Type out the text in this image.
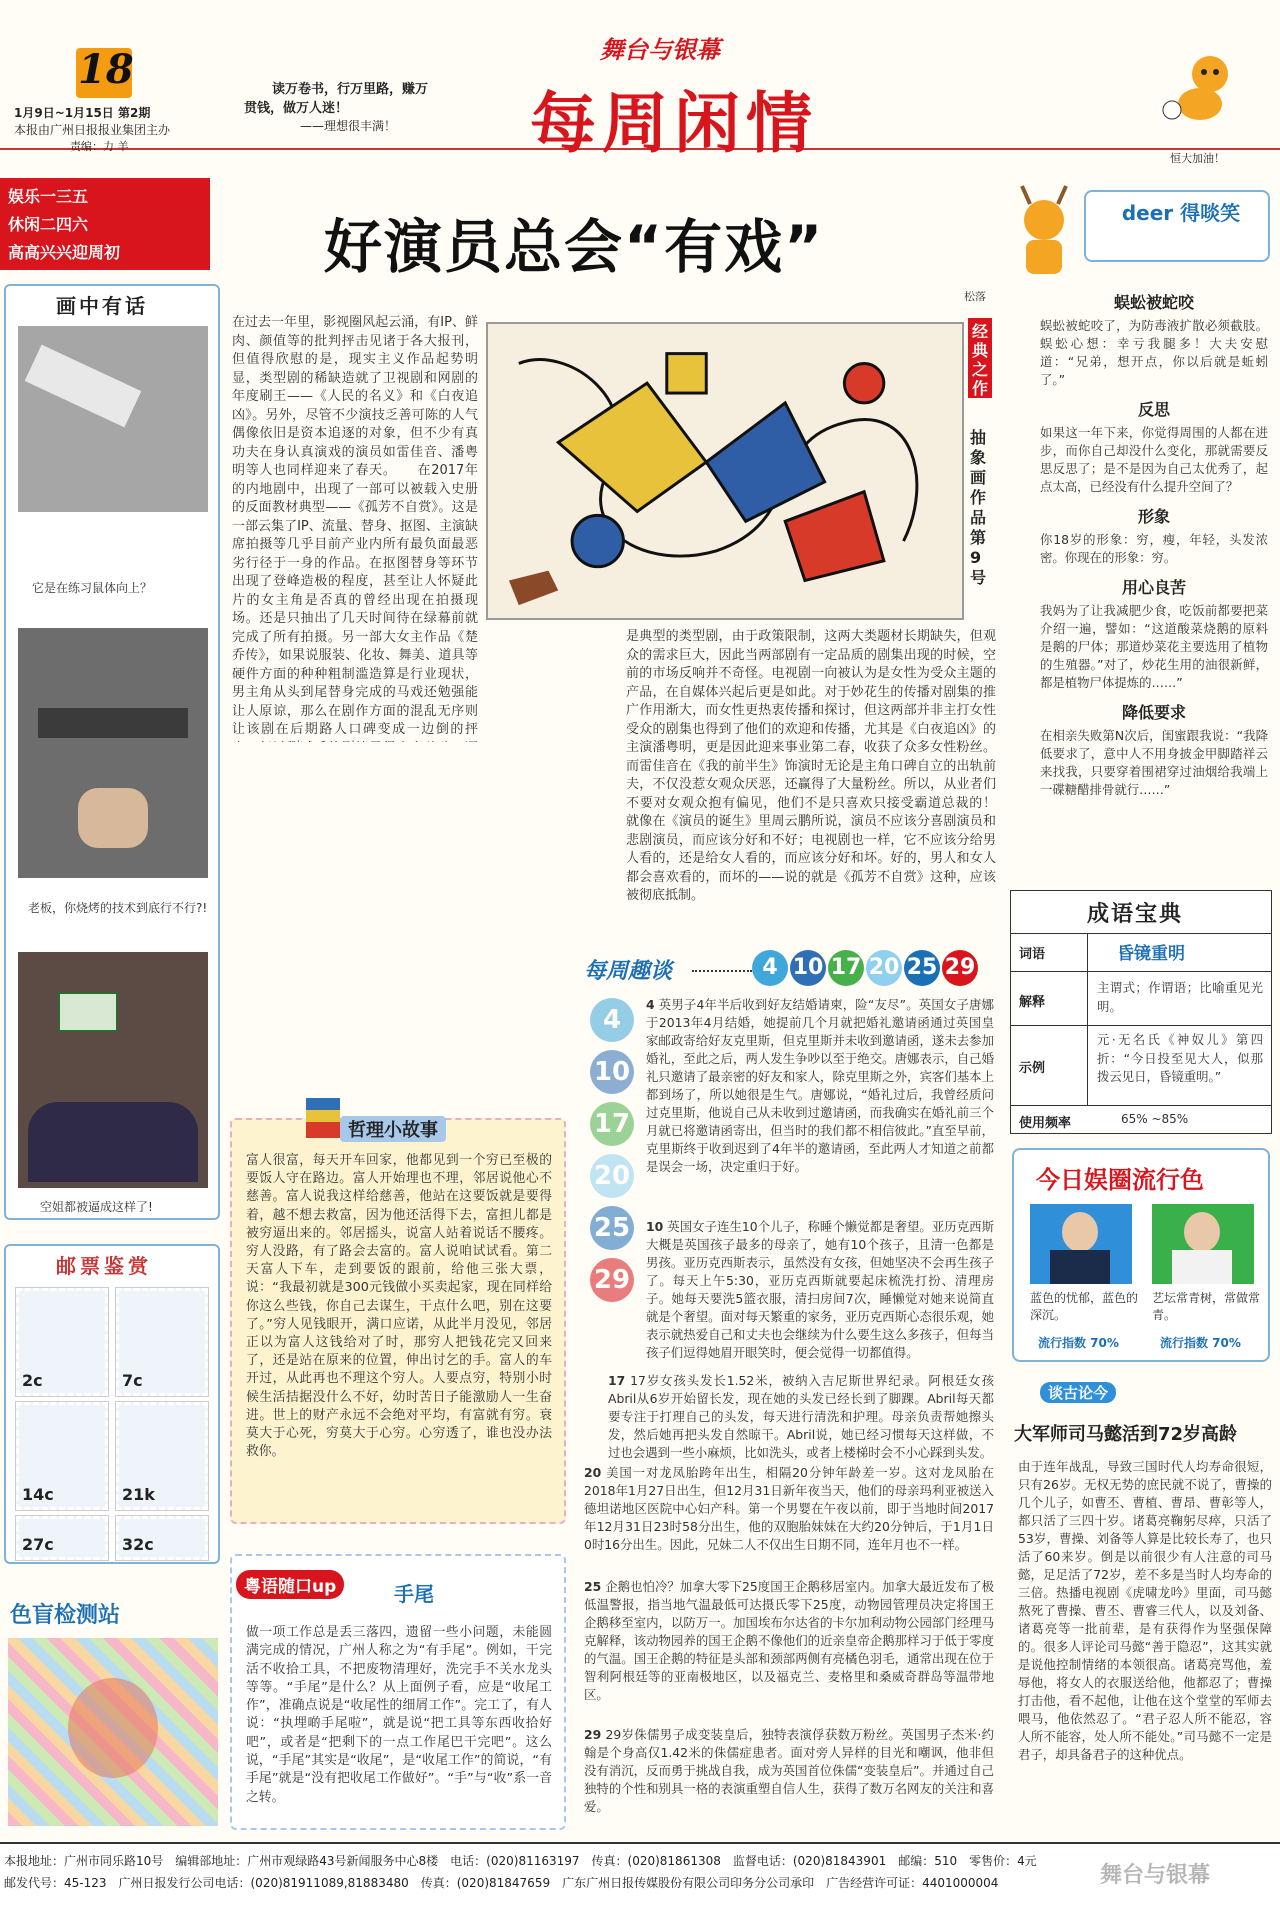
18
1月9日~1月15日 第2期
本报由广州日报报业集团主办
责编：力 羊
读万卷书，行万里路，赚万
贯钱，做万人迷！
——理想很丰满！
舞台与银幕
每周闲情	恒大加油！
娱乐一三五
休闲二四六
高高兴兴迎周初
画中有话
它是在练习鼠体向上？
老板，你烧烤的技术到底行不行?!
空姐都被逼成这样了!
邮票鉴赏
2c	7c
14c	21k
27c	32c
色盲检测站
好演员总会“有戏”
松落
经典之作
抽象画 作品第9号
在过去一年里，影视圈风起云涌，有IP、鲜肉、颜值等的批判抨击见诸于各大报刊，但值得欣慰的是，现实主义作品起势明显，类型剧的稀缺造就了卫视剧和网剧的年度刷王——《人民的名义》和《白夜追凶》。另外，尽管不少演技乏善可陈的人气偶像依旧是资本追逐的对象，但不少有真功夫在身认真演戏的演员如雷佳音、潘粤明等人也同样迎来了春天。　　在2017年的内地剧中，出现了一部可以被载入史册的反面教材典型——《孤芳不自赏》。这是一部云集了IP、流量、替身、抠图、主演缺席拍摄等几乎目前产业内所有最负面最恶劣行径于一身的作品。在抠图替身等环节出现了登峰造极的程度，甚至让人怀疑此片的女主角是否真的曾经出现在拍摄现场。还是只抽出了几天时间待在绿幕前就完成了所有拍摄。另一部大女主作品《楚乔传》，如果说服装、化妆、舞美、道具等硬件方面的种种粗制滥造算是行业现状，男主角从头到尾替身完成的马戏还勉强能让人原谅，那么在剧作方面的混乱无序则让该剧在后期路人口碑变成一边倒的抨　　
是典型的类型剧，由于政策限制，这两大类题材长期缺失，但观众的需求巨大，因此当两部剧有一定品质的剧集出现的时候，空前的市场反响并不奇怪。电视剧一向被认为是女性为受众主题的产品，在自媒体兴起后更是如此。对于妙花生的传播对剧集的推广作用渐大，而女性更热衷传播和探讨，但这两部并非主打女性受众的剧集也得到了他们的欢迎和传播，尤其是《白夜追凶》的主演潘粤明，更是因此迎来事业第二春，收获了众多女性粉丝。而雷佳音在《我的前半生》饰演时无论是主角口碑自立的出轨前夫，不仅没惹女观众厌恶，还赢得了大量粉丝。所以，从业者们不要对女观众抱有偏见，他们不是只喜欢只接受霸道总裁的！　　就像在《演员的诞生》里周云鹏所说，演员不应该分喜剧演员和悲剧演员，而应该分好和不好；电视剧也一样，它不应该分给男人看的，还是给女人看的，而应该分好和坏。好的，男人和女人都会喜欢看的，而坏的——说的就是《孤芳不自赏》这种，应该被彻底抵制。
哲理小故事
富人很富，每天开车回家，他都见到一个穷已至极的要饭人守在路边。富人开始理也不理，邻居说他心不慈善。富人说我这样给慈善，他站在这要饭就是要得着，越不想去救富，因为他还活得下去，富担儿都是被穷逼出来的。邻居摇头，说富人站着说话不腰疼。穷人没路，有了路会去富的。富人说咱试试看。第二天富人下车，走到要饭的跟前，给他三张大票，说：“我最初就是300元钱做小买卖起家，现在同样给你这么些钱，你自己去谋生，干点什么吧，别在这要了。”穷人见钱眼开，满口应诺，从此半月没见，邻居正以为富人这钱给对了时，那穷人把钱花完又回来了，还是站在原来的位置，伸出讨乞的手。富人的车开过，从此再也不理这个穷人。人要点穷，特别小时候生活拮据没什么不好，幼时苦日子能激励人一生奋进。世上的财产永远不会绝对平均，有富就有穷。衰莫大于心死，穷莫大于心穷。心穷透了，谁也没办法救你。
粤语随口up	手尾
做一项工作总是丢三落四，遗留一些小问题，未能圆满完成的情况，广州人称之为“有手尾”。例如，干完活不收拾工具，不把废物清理好，洗完手不关水龙头等等。“手尾”是什么？从上面例子看，应是“收尾工作”，准确点说是“收尾性的细屑工作”。完工了，有人说：“执埋啲手尾啦”，就是说“把工具等东西收拾好吧”，或者是“把剩下的一点工作尾巴干完吧”。这么说，“手尾”其实是“收尾”，是“收尾工作”的简说，“有手尾”就是“没有把收尾工作做好”。“手”与“收”系一音之转。
每周趣谈	4 10 17 20 25 29
4
10
17
20
25
29

4 英男子4年半后收到好友结婚请柬，险“友尽”。英国女子唐娜于2013年4月结婚，她提前几个月就把婚礼邀请函通过英国皇家邮政寄给好友克里斯，但克里斯并未收到邀请函，遂未去参加婚礼，至此之后，两人发生争吵以至于绝交。唐娜表示，自己婚礼只邀请了最亲密的好友和家人，除克里斯之外，宾客们基本上都到场了，所以她很是生气。唐娜说，“婚礼过后，我曾经质问过克里斯，他说自己从未收到过邀请函，而我确实在婚礼前三个月就已将邀请函寄出，但当时的我们都不相信彼此。”直至早前，克里斯终于收到迟到了4年半的邀请函，至此两人才知道之前都是误会一场，决定重归于好。

10 英国女子连生10个儿子，称睡个懒觉都是奢望。亚历克西斯大概是英国孩子最多的母亲了，她有10个孩子，且清一色都是男孩。亚历克西斯表示，虽然没有女孩，但她坚决不会再生孩子了。每天上午5:30，亚历克西斯就要起床梳洗打扮、清理房子。她每天要洗5篮衣服，清扫房间7次，睡懒觉对她来说简直就是个奢望。面对每天繁重的家务，亚历克西斯心态很乐观，她表示就热爱自己和丈夫也会继续为什么要生这么多孩子，但每当孩子们逗得她眉开眼笑时，便会觉得一切都值得。

17 17岁女孩头发长1.52米，被纳入吉尼斯世界纪录。阿根廷女孩Abril从6岁开始留长发，现在她的头发已经长到了脚踝。Abril每天都要专注于打理自己的头发，每天进行清洗和护理。母亲负责帮她擦头发，然后她再把头发自然晾干。Abril说，她已经习惯每天这样做，不过也会遇到一些小麻烦，比如洗头，或者上楼梯时会不小心踩到头发。

20 美国一对龙凤胎跨年出生，相隔20分钟年龄差一岁。这对龙凤胎在2018年1月27日出生，但12月31日新年夜当天，他们的母亲玛利亚被送入德坦诺地区医院中心妇产科。第一个男婴在午夜以前，即于当地时间2017年12月31日23时58分出生，他的双胞胎妹妹在大约20分钟后，于1月1日0时16分出生。因此，兄妹二人不仅出生日期不同，连年月也不一样。

25 企鹅也怕冷？加拿大零下25度国王企鹅移居室内。加拿大最近发布了极低温警报，指当地气温最低可达摄氏零下25度，动物园管理员决定将国王企鹅移至室内，以防万一。加国埃布尔达省的卡尔加利动物公园部门经理马克解释，该动物园养的国王企鹅不像他们的近亲皇帝企鹅那样习于低于零度的气温。国王企鹅的特征是头部和颈部两侧有亮橘色羽毛，通常出现在位于智利阿根廷等的亚南极地区，以及福克兰、麦格里和桑威奇群岛等温带地区。

29 29岁侏儒男子成变装皇后，独特表演俘获数万粉丝。英国男子杰米·约翰是个身高仅1.42米的侏儒症患者。面对旁人异样的目光和嘲讽，他非但没有消沉，反而勇于挑战自我，成为英国首位侏儒“变装皇后”。并通过自己独特的个性和别具一格的表演重塑自信人生，获得了数万名网友的关注和喜爱。

deer 得啖笑
蜈蚣被蛇咬
蜈蚣被蛇咬了，为防毒液扩散必须截肢。蜈蚣心想：幸亏我腿多！大夫安慰道：“兄弟，想开点，你以后就是蚯蚓了。”
反思
如果这一年下来，你觉得周围的人都在进步，而你自己却没什么变化，那就需要反思反思了；是不是因为自己太优秀了，起点太高，已经没有什么提升空间了？
形象
你18岁的形象：穷，瘦，年轻，头发浓密。你现在的形象：穷。
用心良苦
我妈为了让我减肥少食，吃饭前都要把菜介绍一遍，譬如：“这道酸菜烧鹅的原料是鹅的尸体；那道炒菜花主要选用了植物的生殖器。”对了，炒花生用的油很新鲜，都是植物尸体提炼的……”
降低要求
在相亲失败第N次后，闺蜜跟我说：“我降低要求了，意中人不用身披金甲脚踏祥云来找我，只要穿着围裙穿过油烟给我端上一碟糖醋排骨就行……”
成语宝典
词语	昏镜重明
解释
主谓式；作谓语；比喻重见光明。
示例
元·无名氏《神奴儿》第四折：“今日投至见大人，似那拨云见日，昏镜重明。”
使用频率	65% ~85%
今日娱圈流行色
蓝色的忧郁，蓝色的深沉。
艺坛常青树，常做常青。
流行指数 70%	流行指数 70%
谈古论今
大军师司马懿活到72岁高龄
由于连年战乱，导致三国时代人均寿命很短，只有26岁。无权无势的庶民就不说了，曹操的几个儿子，如曹丕、曹植、曹昂、曹彰等人，都只活了三四十岁。诸葛亮鞠躬尽瘁，只活了53岁，曹操、刘备等人算是比较长寿了，也只活了60来岁。倒是以前很少有人注意的司马懿，足足活了72岁，差不多是当时人均寿命的三倍。热播电视剧《虎啸龙吟》里面，司马懿熬死了曹操、曹丕、曹睿三代人，以及刘备、诸葛亮等一批前辈，是有获得作为坚强保障的。很多人评论司马懿“善于隐忍”，这其实就是说他控制情绪的本领很高。诸葛亮骂他，羞辱他，将女人的衣服送给他，他都忍了；曹操打击他，看不起他，让他在这个堂堂的军师去喂马，他依然忍了。“君子忍人所不能忍，容人所不能容，处人所不能处。”司马懿不一定是君子，却具备君子的这种优点。
本报地址：广州市同乐路10号　编辑部地址：广州市观绿路43号新闻服务中心8楼　电话：(020)81163197　传真：(020)81861308　监督电话：(020)81843901　邮编：510　零售价：4元
邮发代号：45-123　广州日报发行公司电话：(020)81911089,81883480　传真：(020)81847659　广东广州日报传媒股份有限公司印务分公司承印　广告经营许可证：4401000004	舞台与银幕
